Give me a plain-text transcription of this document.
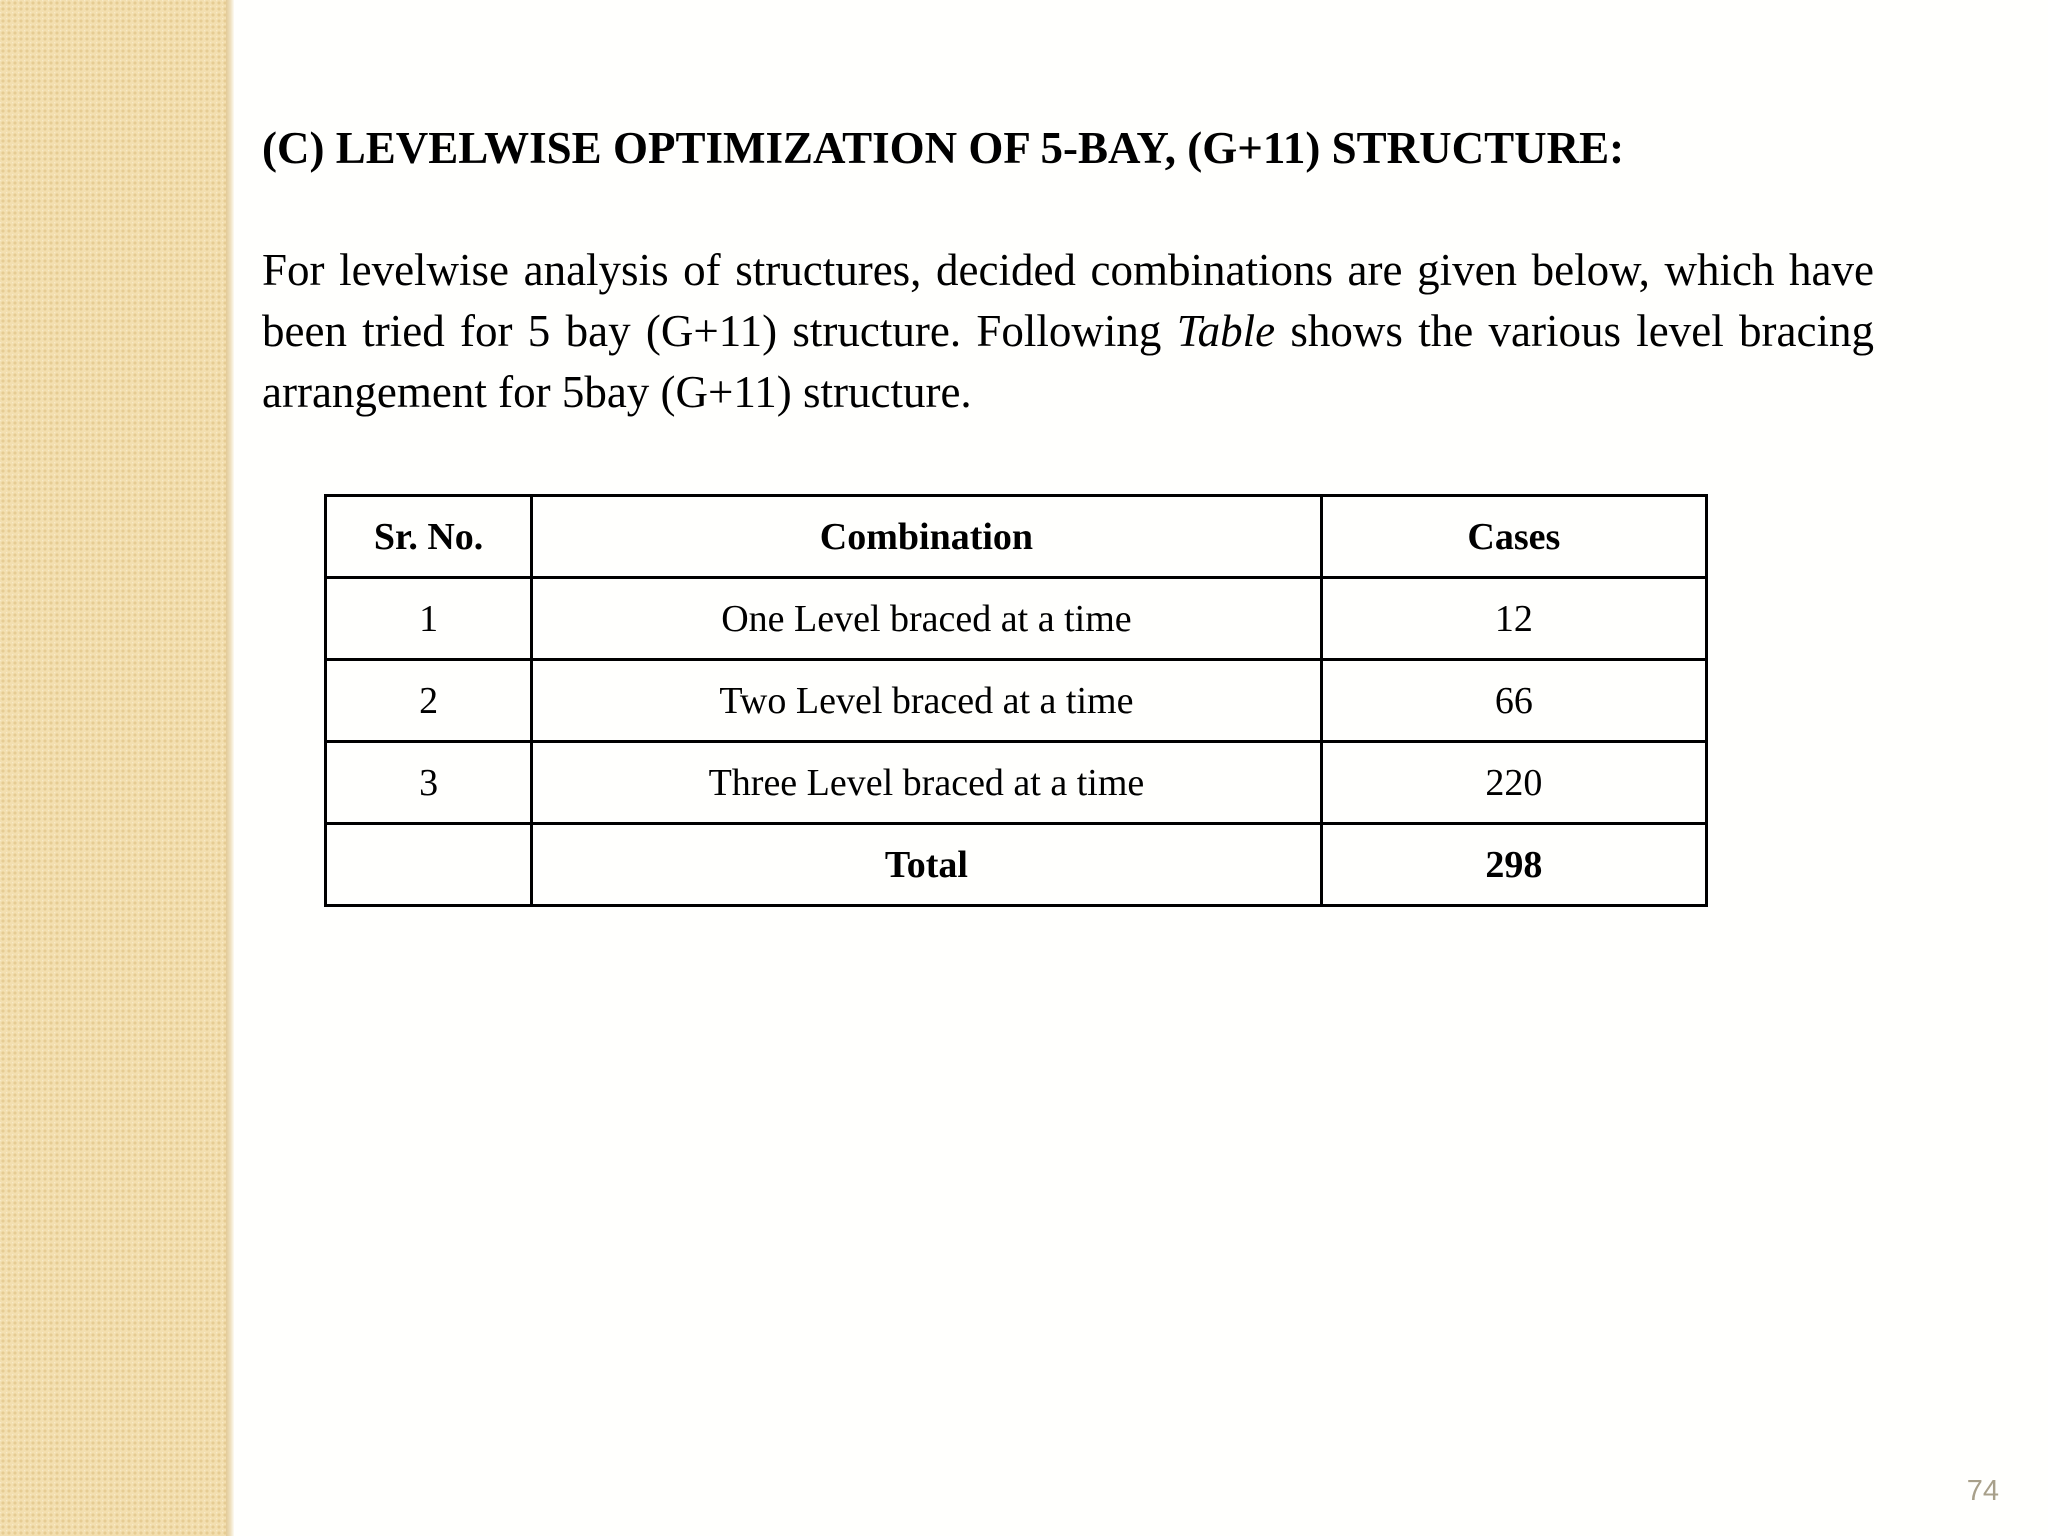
(C) LEVELWISE OPTIMIZATION OF 5-BAY, (G+11) STRUCTURE:
For levelwise analysis of structures, decided combinations are given below, which have been tried for 5 bay (G+11) structure. Following Table shows the various level bracing arrangement for 5bay (G+11) structure.
Sr. No.	Combination	Cases
1	One Level braced at a time	12
2	Two Level braced at a time	66
3	Three Level braced at a time	220
	Total	298
74
